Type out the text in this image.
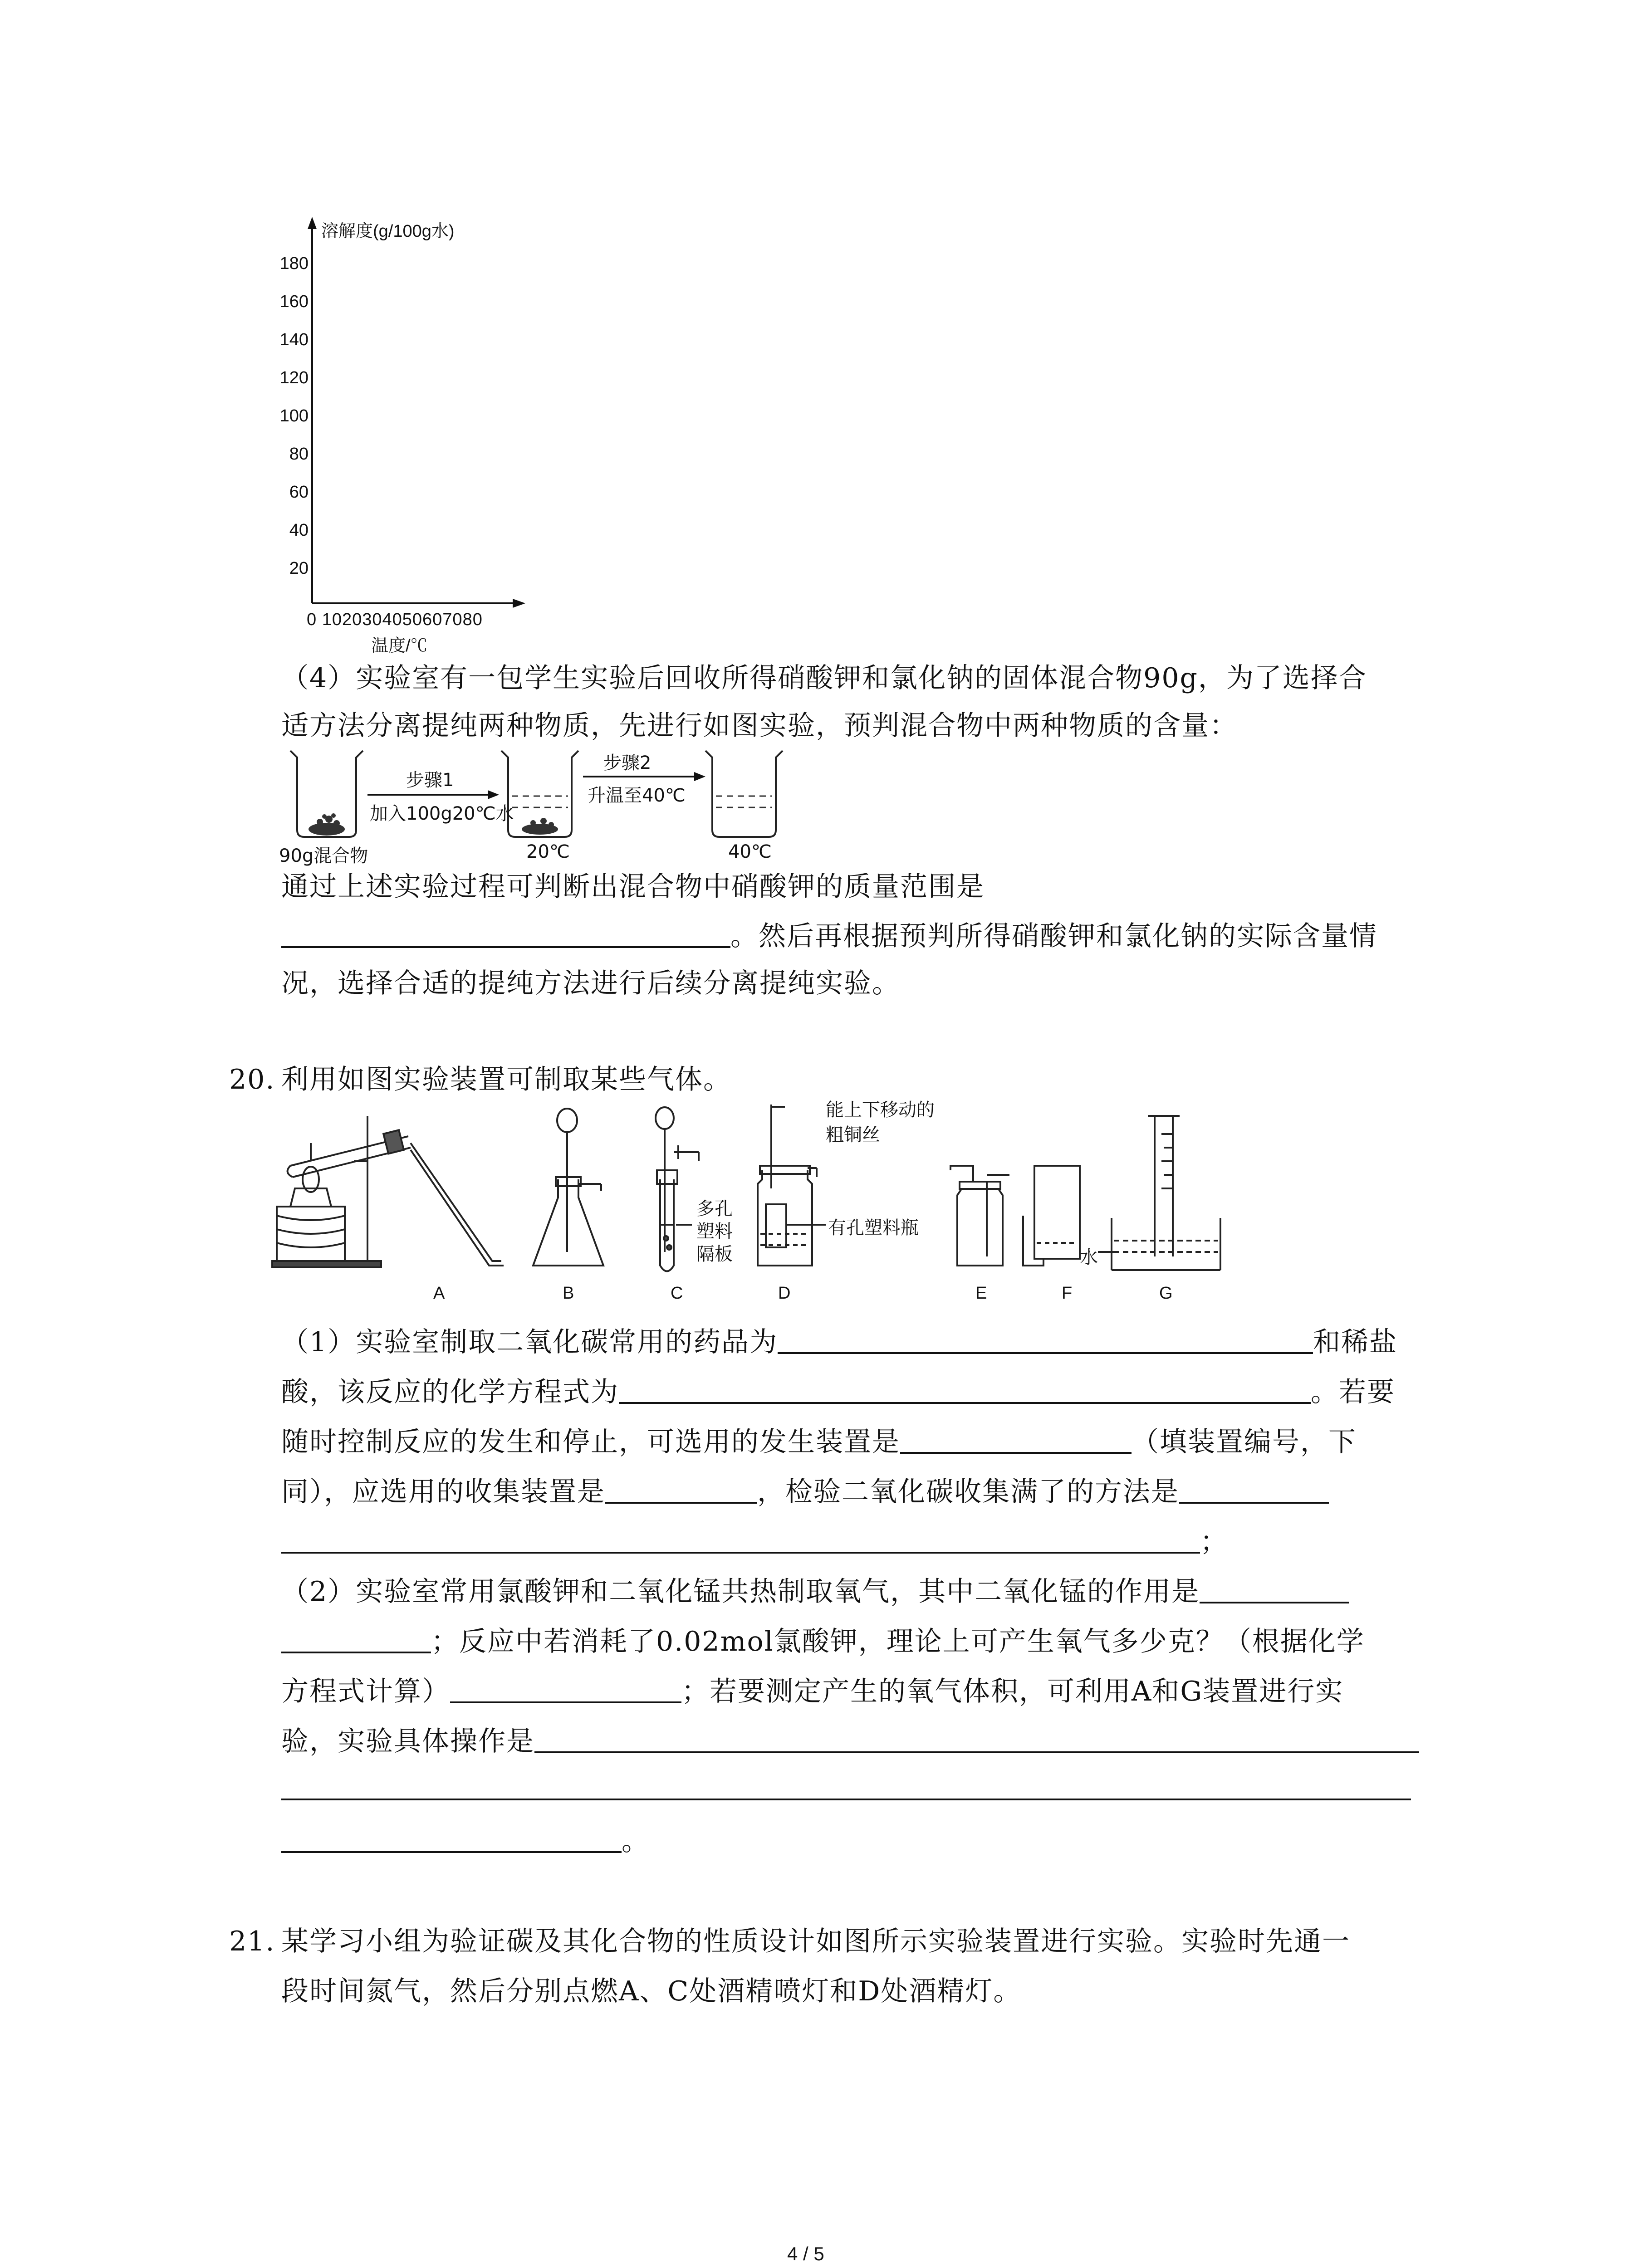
溶解度(g/100g水)
180
160
140
120
100
80
60
40
20
0 1020304050607080
温度/℃
（4）实验室有一包学生实验后回收所得硝酸钾和氯化钠的固体混合物90g，为了选择合
适方法分离提纯两种物质，先进行如图实验，预判混合物中两种物质的含量：
步骤1
加入100g20℃水
步骤2
升温至40℃
90g混合物	20℃	40℃
通过上述实验过程可判断出混合物中硝酸钾的质量范围是
。然后再根据预判所得硝酸钾和氯化钠的实际含量情
况，选择合适的提纯方法进行后续分离提纯实验。
20. 利用如图实验装置可制取某些气体。
能上下移动的
粗铜丝
有孔塑料瓶
多孔
塑料
隔板	水
A	B	C	D	E	F	G
（1）实验室制取二氧化碳常用的药品为	和稀盐
酸，该反应的化学方程式为	。若要
随时控制反应的发生和停止，可选用的发生装置是	（填装置编号，下
同），应选用的收集装置是	，检验二氧化碳收集满了的方法是
；
（2）实验室常用氯酸钾和二氧化锰共热制取氧气，其中二氧化锰的作用是
；反应中若消耗了0.02mol氯酸钾，理论上可产生氧气多少克？（根据化学
方程式计算）	；若要测定产生的氧气体积，可利用A和G装置进行实
验，实验具体操作是
。
21. 某学习小组为验证碳及其化合物的性质设计如图所示实验装置进行实验。实验时先通一
段时间氮气，然后分别点燃A、C处酒精喷灯和D处酒精灯。
4 / 5
